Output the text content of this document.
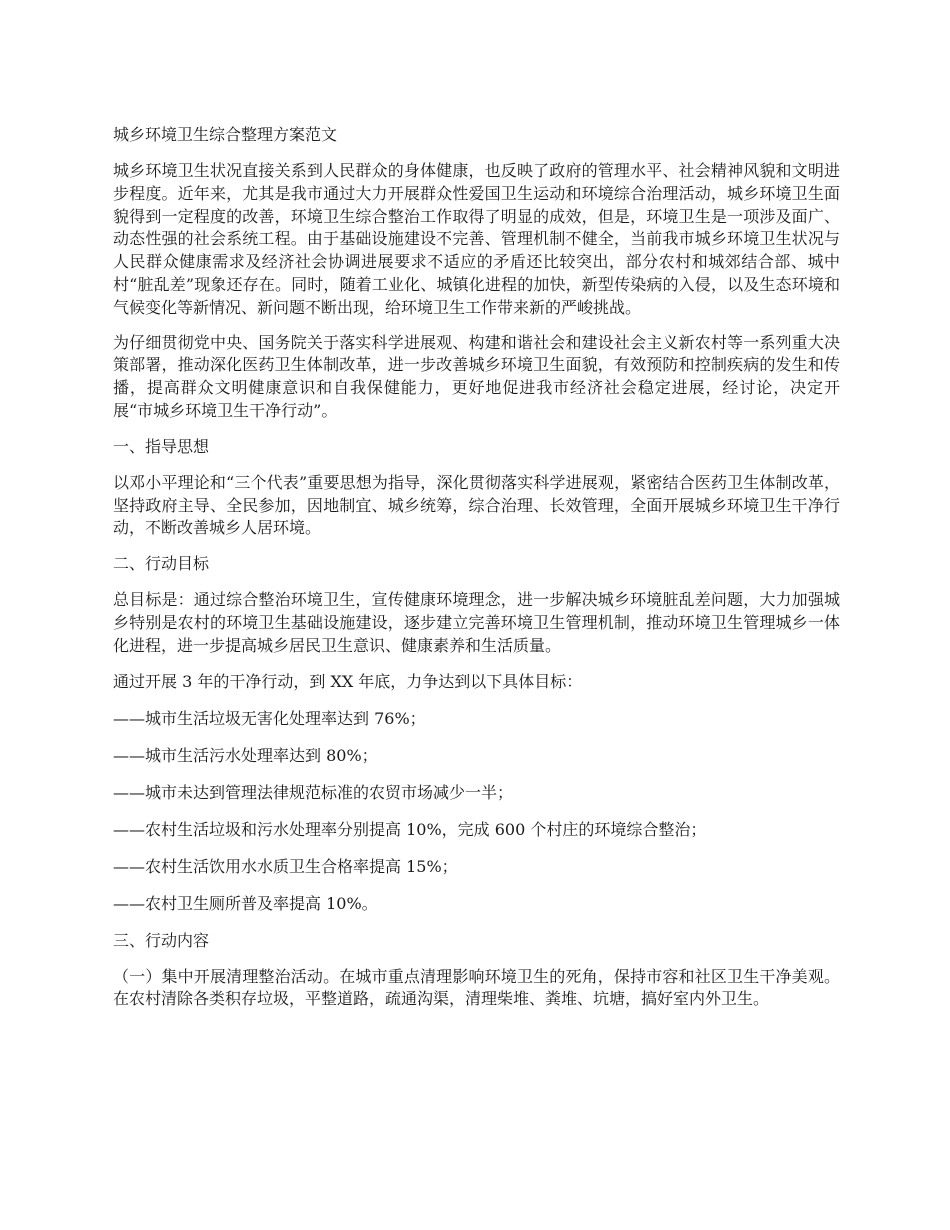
城乡环境卫生综合整理方案范文

城乡环境卫生状况直接关系到人民群众的身体健康，也反映了政府的管理水平、社会精神风貌和文明进步程度。近年来，尤其是我市通过大力开展群众性爱国卫生运动和环境综合治理活动，城乡环境卫生面貌得到一定程度的改善，环境卫生综合整治工作取得了明显的成效，但是，环境卫生是一项涉及面广、动态性强的社会系统工程。由于基础设施建设不完善、管理机制不健全，当前我市城乡环境卫生状况与人民群众健康需求及经济社会协调进展要求不适应的矛盾还比较突出，部分农村和城郊结合部、城中村“脏乱差”现象还存在。同时，随着工业化、城镇化进程的加快，新型传染病的入侵，以及生态环境和气候变化等新情况、新问题不断出现，给环境卫生工作带来新的严峻挑战。

为仔细贯彻党中央、国务院关于落实科学进展观、构建和谐社会和建设社会主义新农村等一系列重大决策部署，推动深化医药卫生体制改革，进一步改善城乡环境卫生面貌，有效预防和控制疾病的发生和传播，提高群众文明健康意识和自我保健能力，更好地促进我市经济社会稳定进展，经讨论，决定开展“市城乡环境卫生干净行动”。

一、指导思想

以邓小平理论和“三个代表”重要思想为指导，深化贯彻落实科学进展观，紧密结合医药卫生体制改革，坚持政府主导、全民参加，因地制宜、城乡统筹，综合治理、长效管理，全面开展城乡环境卫生干净行动，不断改善城乡人居环境。

二、行动目标

总目标是：通过综合整治环境卫生，宣传健康环境理念，进一步解决城乡环境脏乱差问题，大力加强城乡特别是农村的环境卫生基础设施建设，逐步建立完善环境卫生管理机制，推动环境卫生管理城乡一体化进程，进一步提高城乡居民卫生意识、健康素养和生活质量。

通过开展 3 年的干净行动，到 XX 年底，力争达到以下具体目标：
——城市生活垃圾无害化处理率达到 76%；
——城市生活污水处理率达到 80%；
——城市未达到管理法律规范标准的农贸市场减少一半；
——农村生活垃圾和污水处理率分别提高 10%，完成 600 个村庄的环境综合整治；
——农村生活饮用水水质卫生合格率提高 15%；
——农村卫生厕所普及率提高 10%。
三、行动内容

（一）集中开展清理整治活动。在城市重点清理影响环境卫生的死角，保持市容和社区卫生干净美观。在农村清除各类积存垃圾，平整道路，疏通沟渠，清理柴堆、粪堆、坑塘，搞好室内外卫生。
